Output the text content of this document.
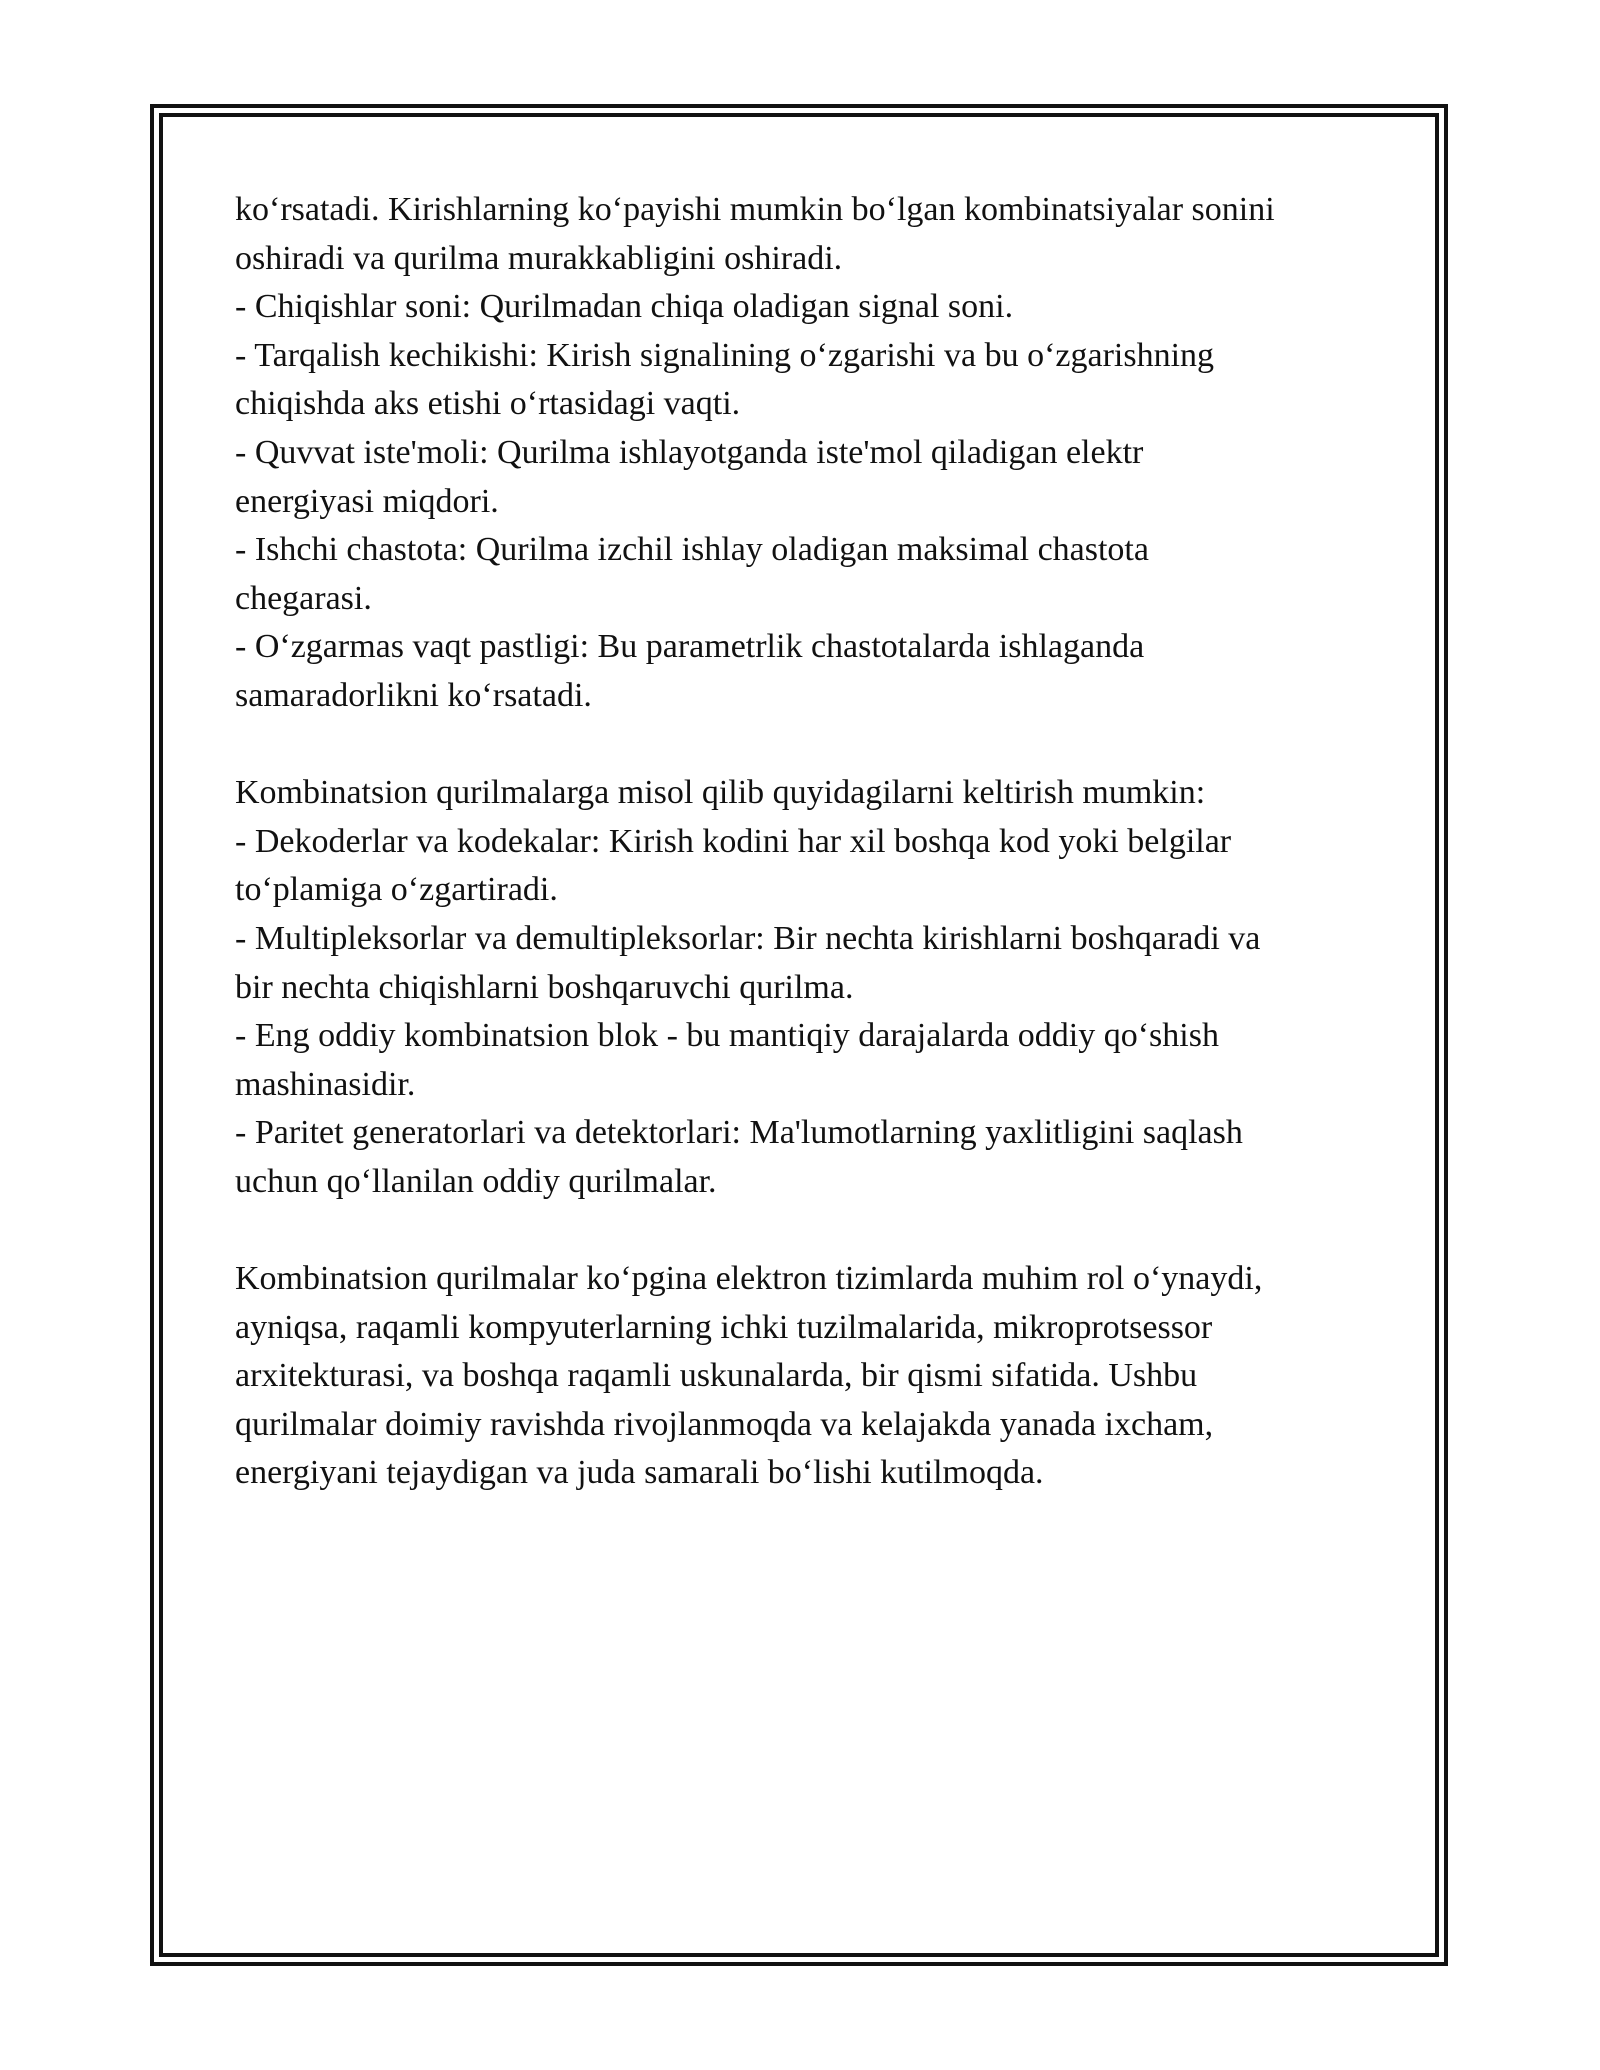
ko‘rsatadi. Kirishlarning ko‘payishi mumkin bo‘lgan kombinatsiyalar sonini
oshiradi va qurilma murakkabligini oshiradi.
- Chiqishlar soni: Qurilmadan chiqa oladigan signal soni.
- Tarqalish kechikishi: Kirish signalining o‘zgarishi va bu o‘zgarishning
chiqishda aks etishi o‘rtasidagi vaqti.
- Quvvat iste'moli: Qurilma ishlayotganda iste'mol qiladigan elektr
energiyasi miqdori.
- Ishchi chastota: Qurilma izchil ishlay oladigan maksimal chastota
chegarasi.
- O‘zgarmas vaqt pastligi: Bu parametrlik chastotalarda ishlaganda
samaradorlikni ko‘rsatadi.
Kombinatsion qurilmalarga misol qilib quyidagilarni keltirish mumkin:
- Dekoderlar va kodekalar: Kirish kodini har xil boshqa kod yoki belgilar
to‘plamiga o‘zgartiradi.
- Multipleksorlar va demultipleksorlar: Bir nechta kirishlarni boshqaradi va
bir nechta chiqishlarni boshqaruvchi qurilma.
- Eng oddiy kombinatsion blok - bu mantiqiy darajalarda oddiy qo‘shish
mashinasidir.
- Paritet generatorlari va detektorlari: Ma'lumotlarning yaxlitligini saqlash
uchun qo‘llanilan oddiy qurilmalar.
Kombinatsion qurilmalar ko‘pgina elektron tizimlarda muhim rol o‘ynaydi,
ayniqsa, raqamli kompyuterlarning ichki tuzilmalarida, mikroprotsessor
arxitekturasi, va boshqa raqamli uskunalarda, bir qismi sifatida. Ushbu
qurilmalar doimiy ravishda rivojlanmoqda va kelajakda yanada ixcham,
energiyani tejaydigan va juda samarali bo‘lishi kutilmoqda.
